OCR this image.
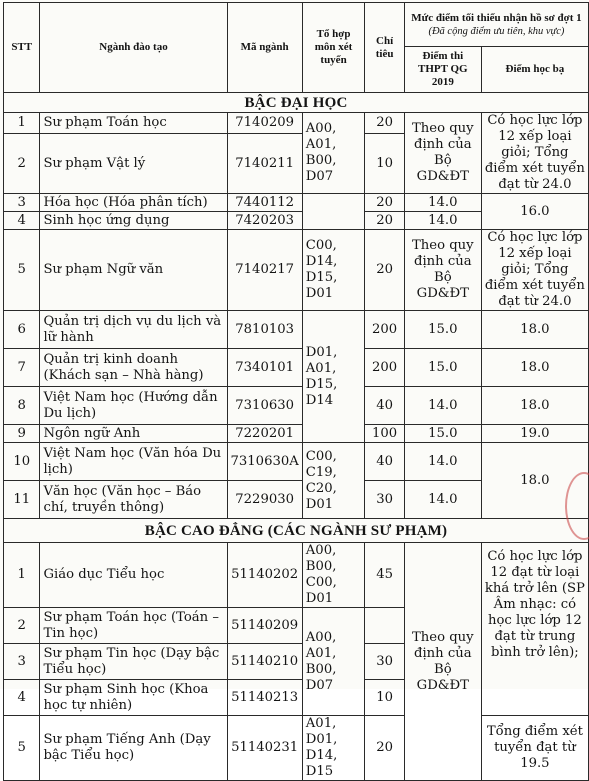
STT	Ngành đào tạo	Mã ngành	Tổ hợp môn xét tuyển	Chỉ tiêu	Mức điểm tối thiểu nhận hồ sơ đợt 1
(Đã cộng điểm ưu tiên, khu vực)	

					Điểm thi THPT QG 2019	Điểm học bạ
BẬC ĐẠI HỌC						
1	Sư phạm Toán học	7140209	A00, A01, B00, D07	20	Theo quy định của Bộ GD&ĐT	Có học lực lớp 12 xếp loại giỏi; Tổng điểm xét tuyển đạt từ 24.0
2	Sư phạm Vật lý	7140211		10		
3	Hóa học (Hóa phân tích)	7440112		20	14.0	16.0
4	Sinh học ứng dụng	7420203		20	14.0	
5	Sư phạm Ngữ văn	7140217	C00, D14, D15, D01	20	Theo quy định của Bộ GD&ĐT	Có học lực lớp 12 xếp loại giỏi; Tổng điểm xét tuyển đạt từ 24.0
6	Quản trị dịch vụ du lịch và lữ hành	7810103	D01, A01, D15, D14	200	15.0	18.0
7	Quản trị kinh doanh (Khách sạn – Nhà hàng)	7340101		200	15.0	18.0
8	Việt Nam học (Hướng dẫn Du lịch)	7310630		40	14.0	18.0
9	Ngôn ngữ Anh	7220201		100	15.0	19.0
10	Việt Nam học (Văn hóa Du lịch)	7310630A	C00, C19, C20, D01	40	14.0	18.0
11	Văn học (Văn học – Báo chí, truyền thông)	7229030		30	14.0	
BẬC CAO ĐẲNG (CÁC NGÀNH SƯ PHẠM)						
1	Giáo dục Tiểu học	51140202	A00, B00, C00, D01	45	Theo quy định của Bộ GD&ĐT	Có học lực lớp 12 đạt từ loại khá trở lên (SP Âm nhạc: có học lực lớp 12 đạt từ trung bình trở lên);
2	Sư phạm Toán học (Toán – Tin học)	51140209	A00, A01, B00, D07			
3	Sư phạm Tin học (Dạy bậc Tiểu học)	51140210		30		
4	Sư phạm Sinh học (Khoa học tự nhiên)	51140213		10		
5	Sư phạm Tiếng Anh (Dạy bậc Tiểu học)	51140231	A01, D01, D14, D15	20		Tổng điểm xét tuyển đạt từ 19.5
